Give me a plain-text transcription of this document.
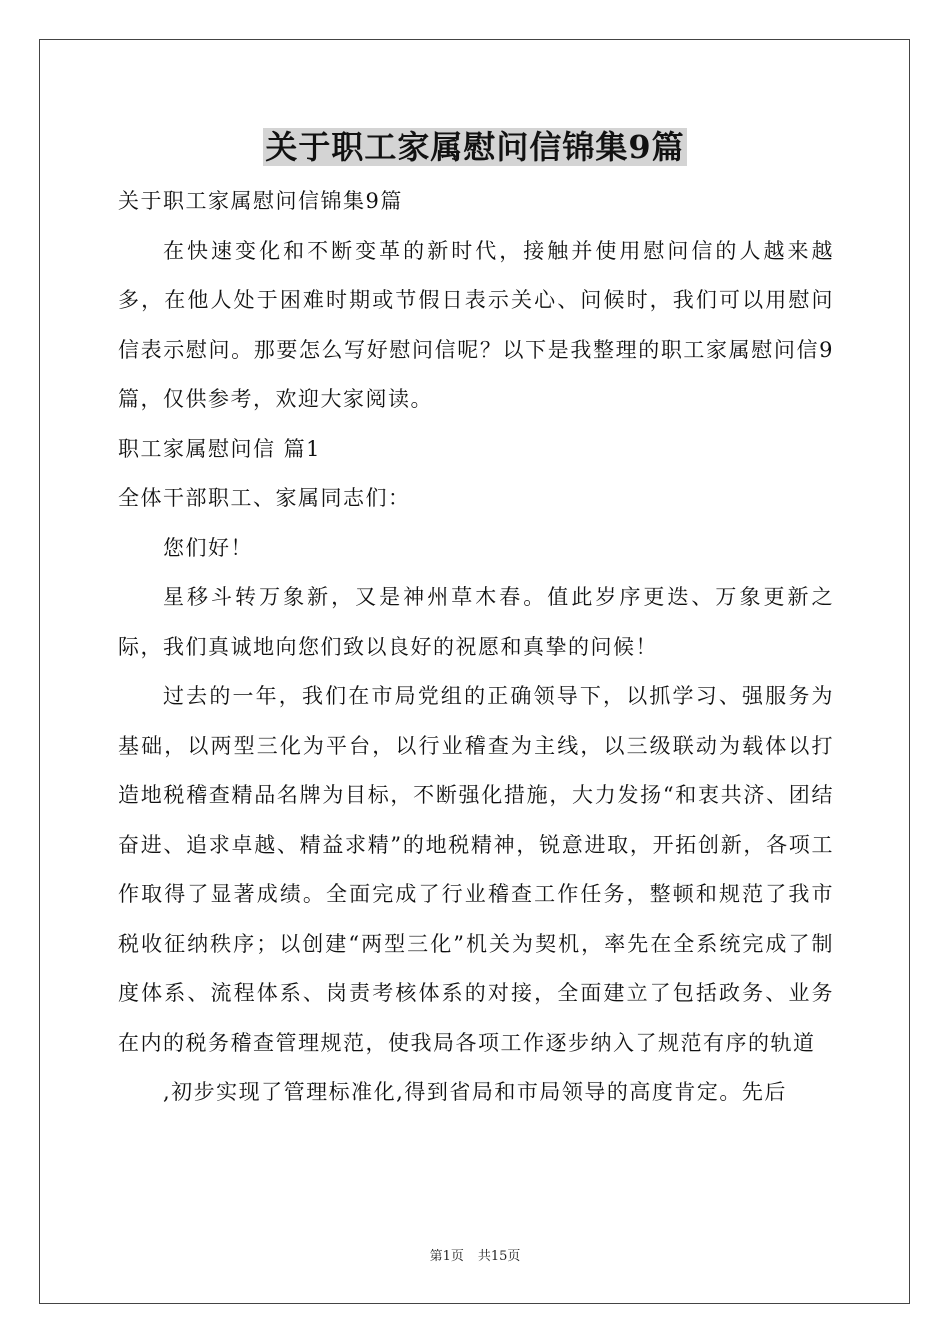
关于职工家属慰问信锦集9篇

关于职工家属慰问信锦集9篇

在快速变化和不断变革的新时代，接触并使用慰问信的人越来越多，在他人处于困难时期或节假日表示关心、问候时，我们可以用慰问信表示慰问。那要怎么写好慰问信呢？以下是我整理的职工家属慰问信9篇，仅供参考，欢迎大家阅读。

职工家属慰问信 篇1

全体干部职工、家属同志们：

您们好！

星移斗转万象新，又是神州草木春。值此岁序更迭、万象更新之际，我们真诚地向您们致以良好的祝愿和真挚的问候！

过去的一年，我们在市局党组的正确领导下，以抓学习、强服务为基础，以两型三化为平台，以行业稽查为主线，以三级联动为载体以打造地税稽查精品名牌为目标，不断强化措施，大力发扬“和衷共济、团结奋进、追求卓越、精益求精”的地税精神，锐意进取，开拓创新，各项工作取得了显著成绩。全面完成了行业稽查工作任务，整顿和规范了我市税收征纳秩序；以创建“两型三化”机关为契机，率先在全系统完成了制度体系、流程体系、岗责考核体系的对接，全面建立了包括政务、业务在内的税务稽查管理规范，使我局各项工作逐步纳入了规范有序的轨道

,初步实现了管理标准化,得到省局和市局领导的高度肯定。先后

第1页 共15页
